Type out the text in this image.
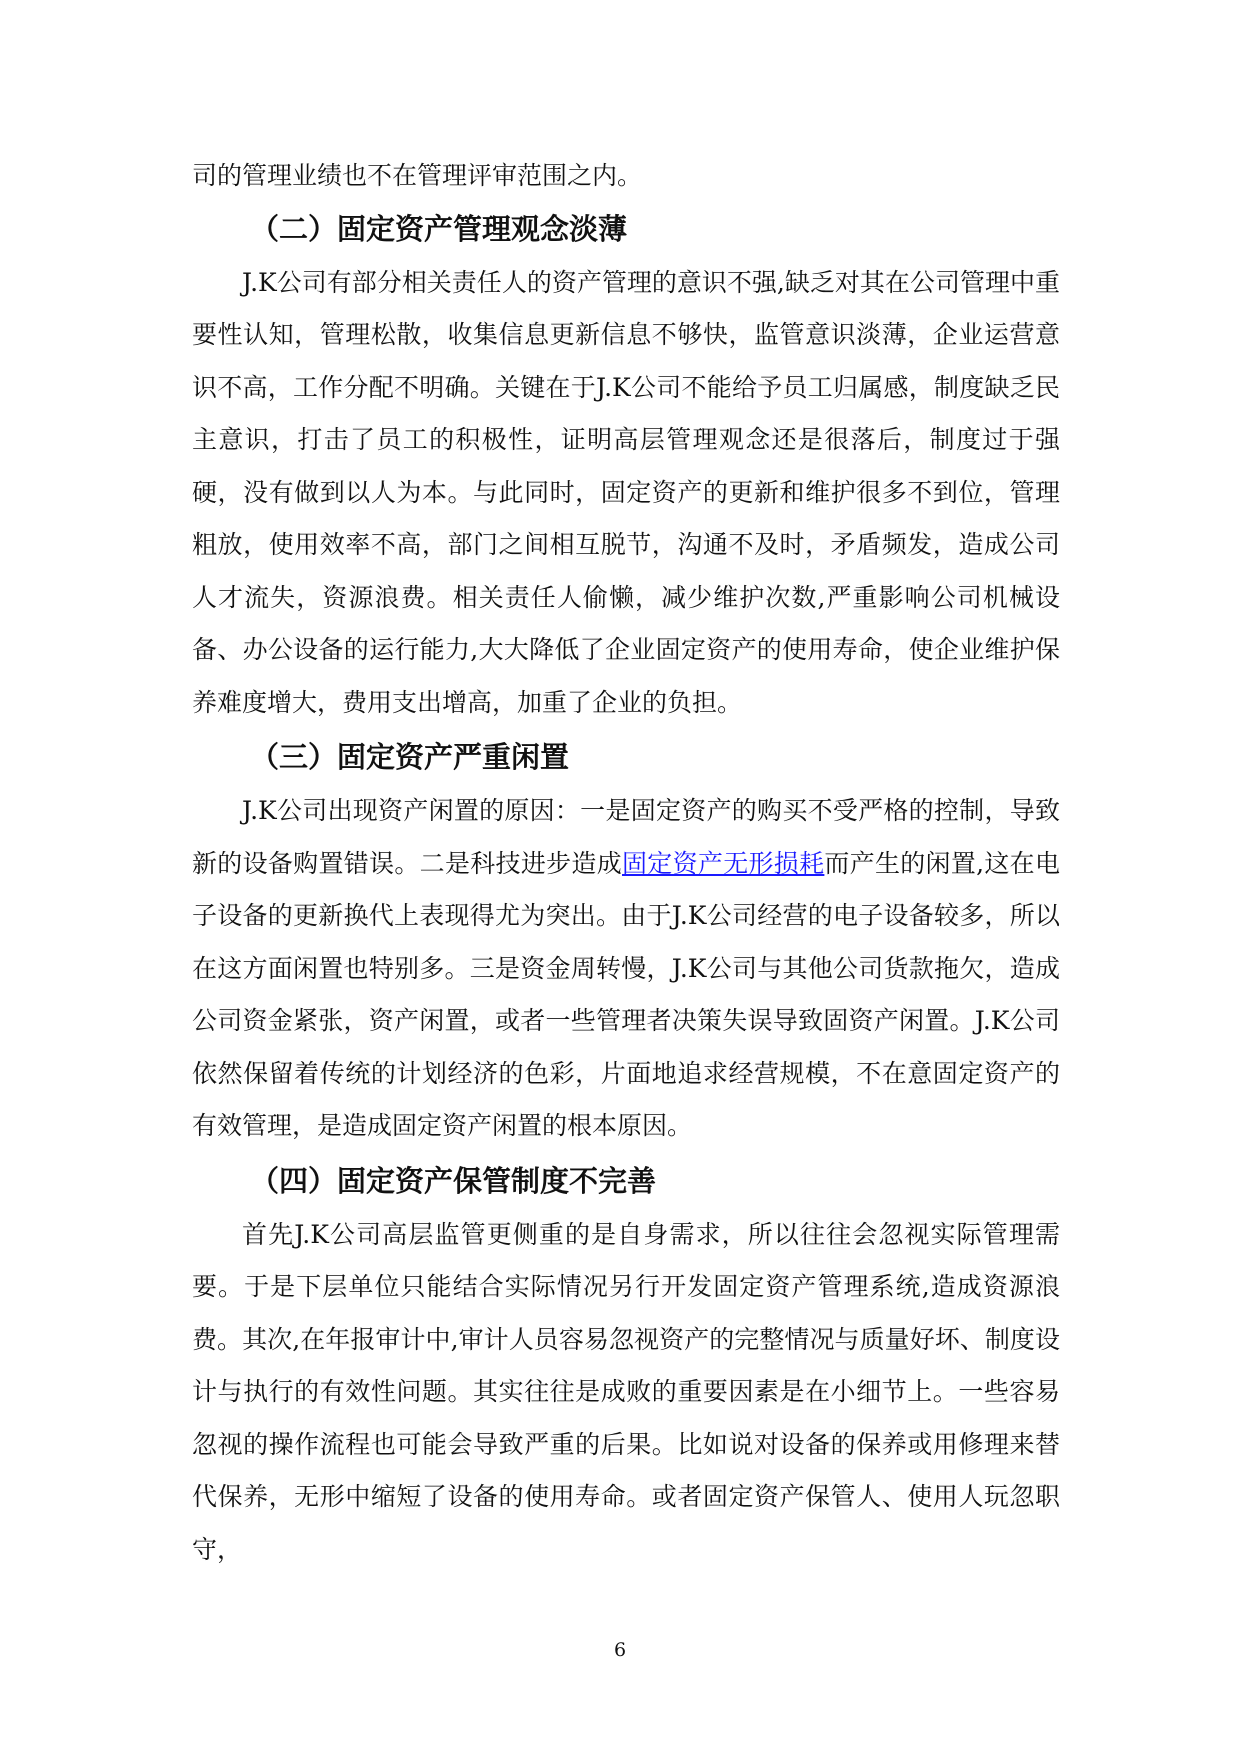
司的管理业绩也不在管理评审范围之内。

（二）固定资产管理观念淡薄

J.K公司有部分相关责任人的资产管理的意识不强,缺乏对其在公司管理中重要性认知，管理松散，收集信息更新信息不够快，监管意识淡薄，企业运营意识不高，工作分配不明确。关键在于J.K公司不能给予员工归属感，制度缺乏民主意识，打击了员工的积极性，证明高层管理观念还是很落后，制度过于强硬，没有做到以人为本。与此同时，固定资产的更新和维护很多不到位，管理粗放，使用效率不高，部门之间相互脱节，沟通不及时，矛盾频发，造成公司人才流失，资源浪费。相关责任人偷懒，减少维护次数,严重影响公司机械设备、办公设备的运行能力,大大降低了企业固定资产的使用寿命，使企业维护保养难度增大，费用支出增高，加重了企业的负担。

（三）固定资产严重闲置

J.K公司出现资产闲置的原因：一是固定资产的购买不受严格的控制，导致新的设备购置错误。二是科技进步造成固定资产无形损耗而产生的闲置,这在电子设备的更新换代上表现得尤为突出。由于J.K公司经营的电子设备较多，所以在这方面闲置也特别多。三是资金周转慢，J.K公司与其他公司货款拖欠，造成公司资金紧张，资产闲置，或者一些管理者决策失误导致固资产闲置。J.K公司依然保留着传统的计划经济的色彩，片面地追求经营规模，不在意固定资产的有效管理，是造成固定资产闲置的根本原因。

（四）固定资产保管制度不完善

首先J.K公司高层监管更侧重的是自身需求，所以往往会忽视实际管理需要。于是下层单位只能结合实际情况另行开发固定资产管理系统,造成资源浪费。其次,在年报审计中,审计人员容易忽视资产的完整情况与质量好坏、制度设计与执行的有效性问题。其实往往是成败的重要因素是在小细节上。一些容易忽视的操作流程也可能会导致严重的后果。比如说对设备的保养或用修理来替代保养，无形中缩短了设备的使用寿命。或者固定资产保管人、使用人玩忽职守，

6
